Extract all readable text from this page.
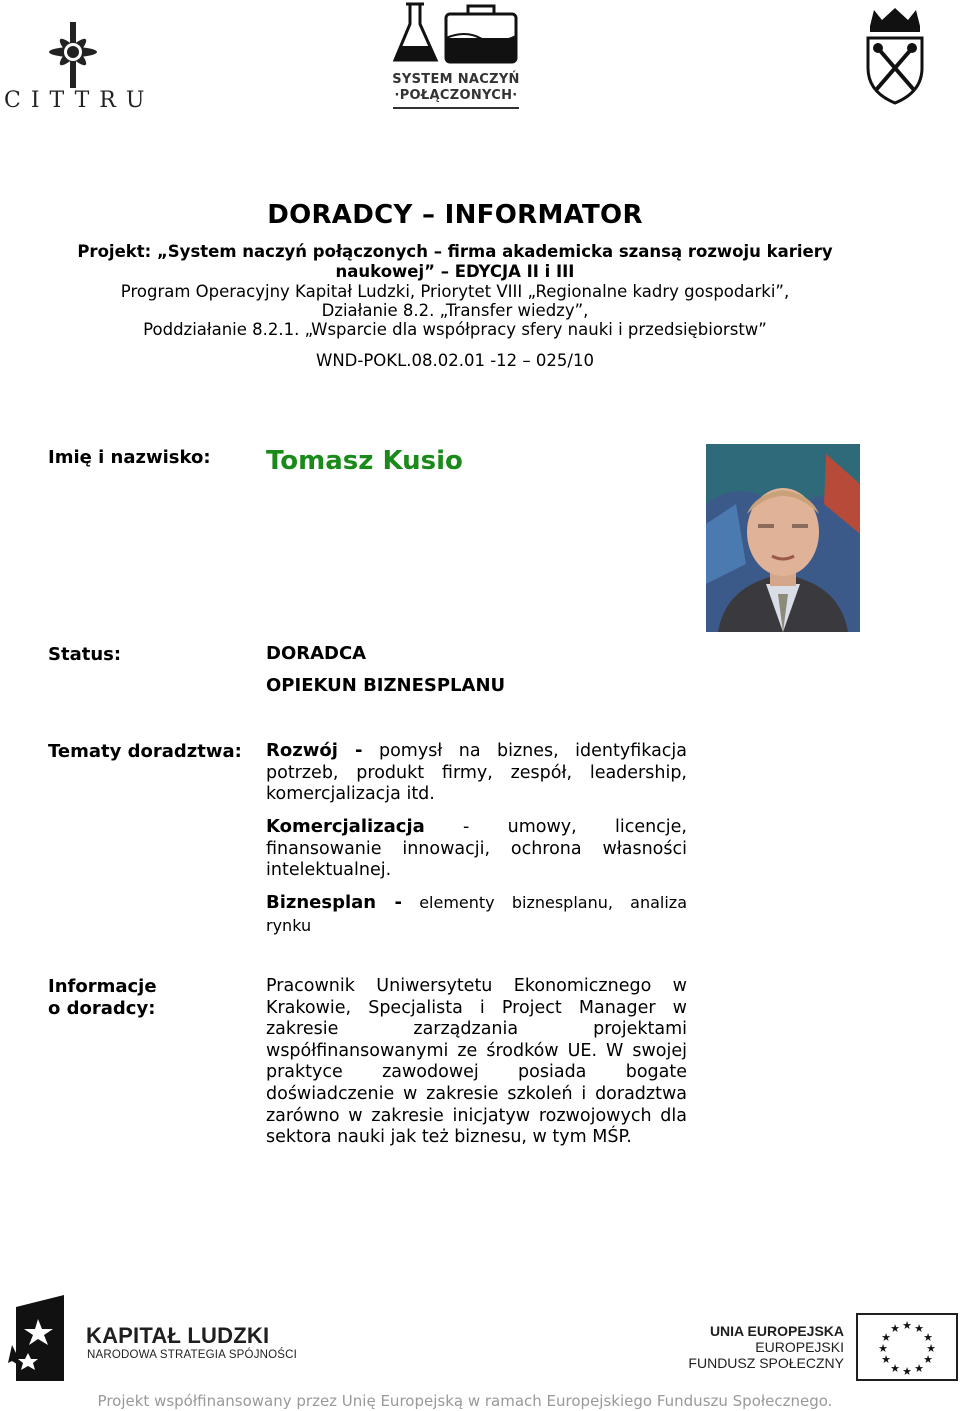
CITTRU
SYSTEM NACZYŃ
·POŁĄCZONYCH·
DORADCY – INFORMATOR
Projekt: „System naczyń połączonych – firma akademicka szansą rozwoju kariery
naukowej” – EDYCJA II i III
Program Operacyjny Kapitał Ludzki, Priorytet VIII „Regionalne kadry gospodarki”,
Działanie 8.2. „Transfer wiedzy”,
Poddziałanie 8.2.1. „Wsparcie dla współpracy sfery nauki i przedsiębiorstw”
WND-POKL.08.02.01 -12 – 025/10
Imię i nazwisko: Tomasz Kusio
Status:	DORADCA
OPIEKUN BIZNESPLANU
Tematy doradztwa: Rozwój - pomysł na biznes, identyfikacja potrzeb, produkt firmy, zespół, leadership, komercjalizacja itd.
Komercjalizacja - umowy, licencje, finansowanie innowacji, ochrona własności intelektualnej.
Biznesplan - elementy biznesplanu, analiza rynku
Informacje
o doradcy:
Pracownik Uniwersytetu Ekonomicznego w Krakowie, Specjalista i Project Manager w zakresie zarządzania projektami współfinansowanymi ze środków UE. W swojej praktyce zawodowej posiada bogate doświadczenie w zakresie szkoleń i doradztwa zarówno w zakresie inicjatyw rozwojowych dla sektora nauki jak też biznesu, w tym MŚP.
KAPITAŁ LUDZKI
NARODOWA STRATEGIA SPÓJNOŚCI
UNIA EUROPEJSKA
EUROPEJSKI
FUNDUSZ SPOŁECZNY
★ ★
★
★
★
★
★
★
★
★
★
★
Projekt współfinansowany przez Unię Europejską w ramach Europejskiego Funduszu Społecznego.
